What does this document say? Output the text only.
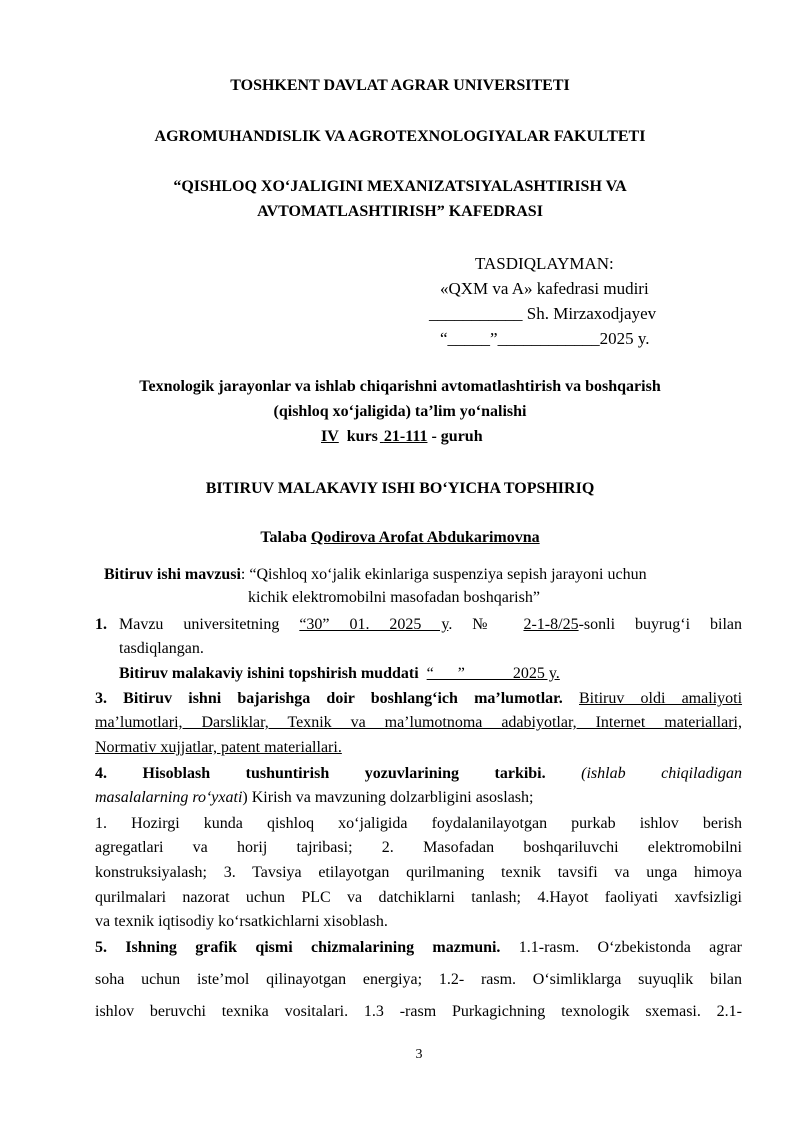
TOSHKENT DAVLAT AGRAR UNIVERSITETI
AGROMUHANDISLIK VA AGROTEXNOLOGIYALAR FAKULTETI
“QISHLOQ XO‘JALIGINI MEXANIZATSIYALASHTIRISH VA
AVTOMATLASHTIRISH” KAFEDRASI
TASDIQLAYMAN:
«QXM va A» kafedrasi mudiri
___________ Sh. Mirzaxodjayev
“_____”____________2025 y.
Texnologik jarayonlar va ishlab chiqarishni avtomatlashtirish va boshqarish
(qishloq xo‘jaligida) ta’lim yo‘nalishi
IV kurs 21-111 - guruh
BITIRUV MALAKAVIY ISHI BO‘YICHA TOPSHIRIQ
Talaba Qodirova Arofat Abdukarimovna
Bitiruv ishi mavzusi: “Qishloq xo‘jalik ekinlariga suspenziya sepish jarayoni uchun
kichik elektromobilni masofadan boshqarish”
1. Mavzu universitetning “30” 01. 2025 y. № 2-1-8/25-sonli buyrug‘i bilan
tasdiqlangan.
Bitiruv malakaviy ishini topshirish muddati “      ”            2025 y.
3. Bitiruv ishni bajarishga doir boshlang‘ich ma’lumotlar. Bitiruv oldi amaliyoti
ma’lumotlari, Darsliklar, Texnik va ma’lumotnoma adabiyotlar, Internet materiallari,
Normativ xujjatlar, patent materiallari.
4. Hisoblash tushuntirish yozuvlarining tarkibi. (ishlab chiqiladigan
masalalarning ro‘yxati) Kirish va mavzuning dolzarbligini asoslash;
1. Hozirgi kunda qishloq xo‘jaligida foydalanilayotgan purkab ishlov berish
agregatlari va horij tajribasi; 2. Masofadan boshqariluvchi elektromobilni
konstruksiyalash; 3. Tavsiya etilayotgan qurilmaning texnik tavsifi va unga himoya
qurilmalari nazorat uchun PLC va datchiklarni tanlash; 4.Hayot faoliyati xavfsizligi
va texnik iqtisodiy ko‘rsatkichlarni xisoblash.
5. Ishning grafik qismi chizmalarining mazmuni. 1.1-rasm. O‘zbekistonda agrar
soha uchun iste’mol qilinayotgan energiya; 1.2- rasm. O‘simliklarga suyuqlik bilan
ishlov beruvchi texnika vositalari. 1.3 -rasm Purkagichning texnologik sxemasi. 2.1-
3
